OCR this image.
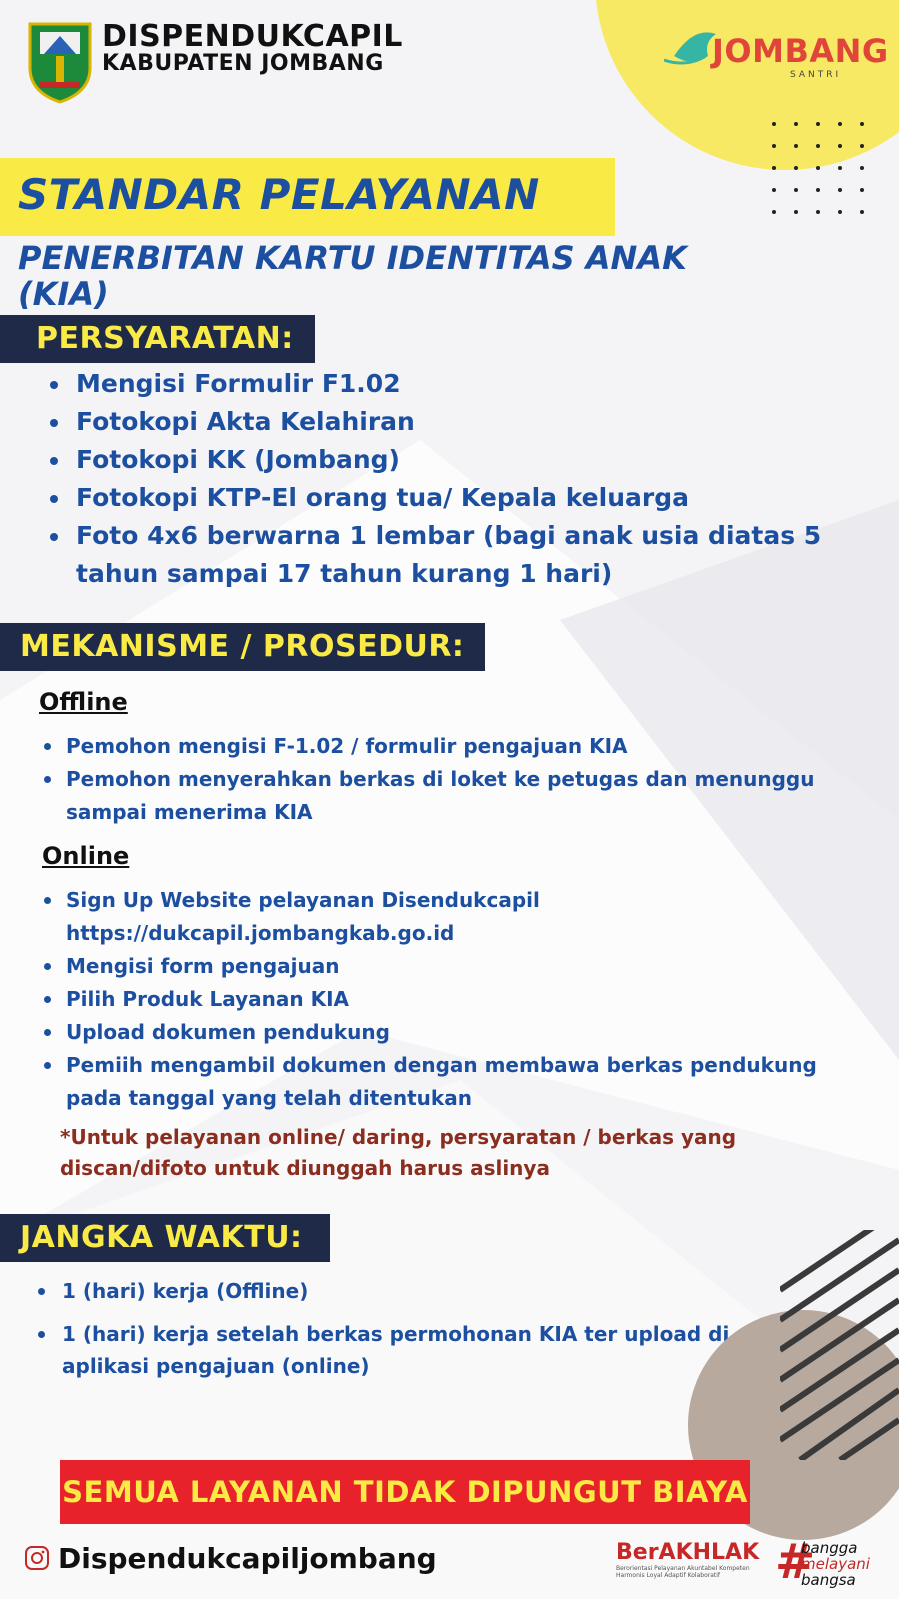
DISPENDUKCAPIL
KABUPATEN JOMBANG	JOMBANG
SANTRI
STANDAR PELAYANAN
PENERBITAN KARTU IDENTITAS ANAK (KIA)
PERSYARATAN:
Mengisi Formulir F1.02
Fotokopi Akta Kelahiran
Fotokopi KK (Jombang)
Fotokopi KTP-El orang tua/ Kepala keluarga
Foto 4x6 berwarna 1 lembar (bagi anak usia diatas 5 tahun sampai 17 tahun kurang 1 hari)
MEKANISME / PROSEDUR:
Offline
Pemohon mengisi F-1.02 / formulir pengajuan KIA
Pemohon menyerahkan berkas di loket ke petugas dan menunggu sampai menerima KIA
Online
Sign Up Website pelayanan Disendukcapil https://dukcapil.jombangkab.go.id
Mengisi form pengajuan
Pilih Produk Layanan KIA
Upload dokumen pendukung
Pemiih mengambil dokumen dengan membawa berkas pendukung pada tanggal yang telah ditentukan
*Untuk pelayanan online/ daring, persyaratan / berkas yang discan/difoto untuk diunggah harus aslinya
JANGKA WAKTU:
1 (hari) kerja (Offline)
1 (hari) kerja setelah berkas permohonan KIA ter upload di aplikasi pengajuan (online)
SEMUA LAYANAN TIDAK DIPUNGUT BIAYA
Dispendukcapiljombang	BerAKHLAK
Berorientasi Pelayanan Akuntabel Kompeten Harmonis Loyal Adaptif Kolaboratif	#
bangga
melayani
bangsa
